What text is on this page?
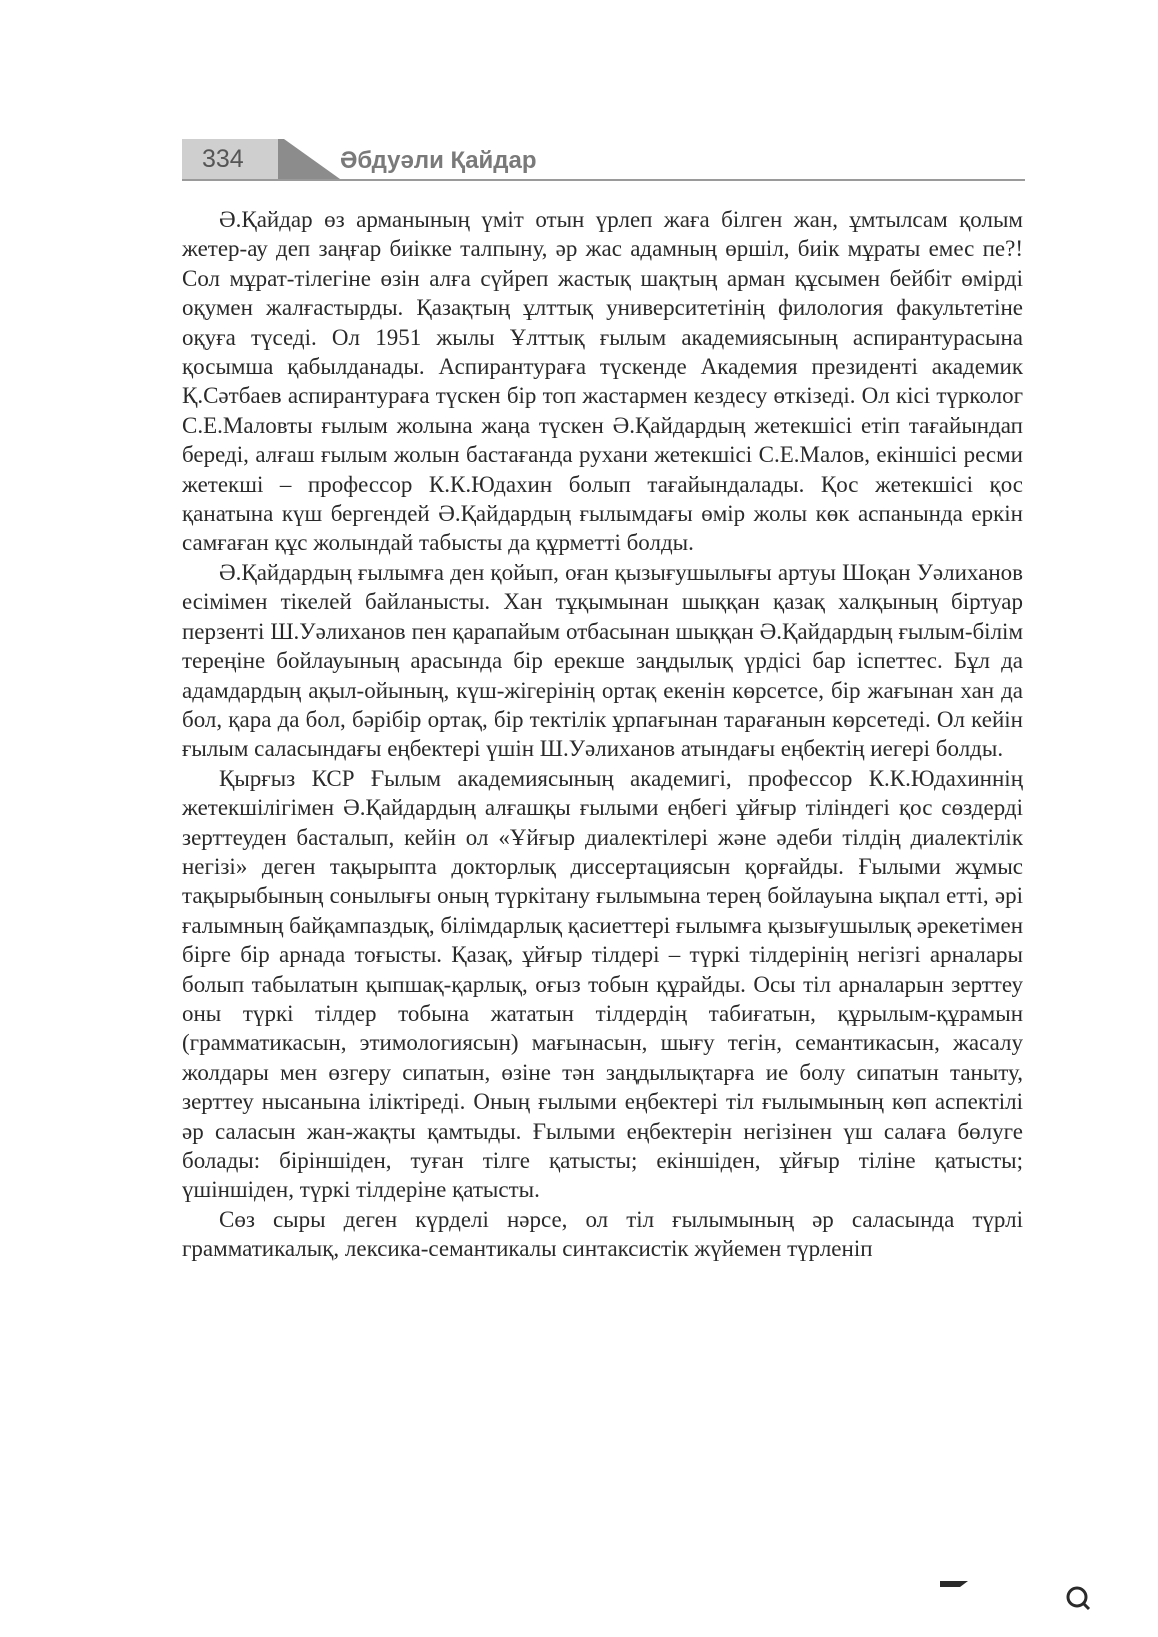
334	Әбдуәли Қайдар

Ә.Қайдар өз арманының үміт отын үрлеп жаға білген жан, ұмтылсам қолым жетер-ау деп заңғар биікке талпыну, әр жас адамның өршіл, биік мұраты емес пе?! Сол мұрат-тілегіне өзін алға сүйреп жастық шақтың арман құсымен бейбіт өмірді оқумен жалғастырды. Қазақтың ұлттық университетінің филология факультетіне оқуға түседі. Ол 1951 жылы Ұлттық ғылым академиясының аспирантурасына қосымша қабылданады. Аспирантураға түскенде Академия президенті академик Қ.Сәтбаев аспирантураға түскен бір топ жастармен кездесу өткізеді. Ол кісі түрколог С.Е.Маловты ғылым жолына жаңа түскен Ә.Қайдардың жетекшісі етіп тағайындап береді, алғаш ғылым жолын бастағанда рухани жетекшісі С.Е.Малов, екіншісі ресми жетекші – профессор К.К.Юдахин болып тағайындалады. Қос жетекшісі қос қанатына күш бергендей Ә.Қайдардың ғылымдағы өмір жолы көк аспанында еркін самғаған құс жолындай табысты да құрметті болды.

Ә.Қайдардың ғылымға ден қойып, оған қызығушылығы артуы Шоқан Уәлиханов есімімен тікелей байланысты. Хан тұқымынан шыққан қазақ халқының біртуар перзенті Ш.Уәлиханов пен қарапайым отбасынан шыққан Ә.Қайдардың ғылым-білім тереңіне бойлауының арасында бір ерекше заңдылық үрдісі бар іспеттес. Бұл да адамдардың ақыл-ойының, күш-жігерінің ортақ екенін көрсетсе, бір жағынан хан да бол, қара да бол, бәрібір ортақ, бір тектілік ұрпағынан тарағанын көрсетеді. Ол кейін ғылым саласындағы еңбектері үшін Ш.Уәлиханов атындағы еңбектің иегері болды.

Қырғыз КСР Ғылым академиясының академигі, профессор К.К.Юдахиннің жетекшілігімен Ә.Қайдардың алғашқы ғылыми еңбегі ұйғыр тіліндегі қос сөздерді зерттеуден басталып, кейін ол «Ұйғыр диалектілері және әдеби тілдің диалектілік негізі» деген тақырыпта докторлық диссертациясын қорғайды. Ғылыми жұмыс тақырыбының сонылығы оның түркітану ғылымына терең бойлауына ықпал етті, әрі ғалымның байқампаздық, білімдарлық қасиеттері ғылымға қызығушылық әрекетімен бірге бір арнада тоғысты. Қазақ, ұйғыр тілдері – түркі тілдерінің негізгі арналары болып табылатын қыпшақ-қарлық, оғыз тобын құрайды. Осы тіл арналарын зерттеу оны түркі тілдер тобына жататын тілдердің табиғатын, құрылым-құрамын (грамматикасын, этимологиясын) мағынасын, шығу тегін, семантикасын, жасалу жолдары мен өзгеру сипатын, өзіне тән заңдылықтарға ие болу сипатын таныту, зерттеу нысанына іліктіреді. Оның ғылыми еңбектері тіл ғылымының көп аспектілі әр саласын жан-жақты қамтыды. Ғылыми еңбектерін негізінен үш салаға бөлуге болады: біріншіден, туған тілге қатысты; екіншіден, ұйғыр тіліне қатысты; үшіншіден, түркі тілдеріне қатысты.

Сөз сыры деген күрделі нәрсе, ол тіл ғылымының әр саласында түрлі грамматикалық, лексика-семантикалы синтаксистік жүйемен түрленіп
